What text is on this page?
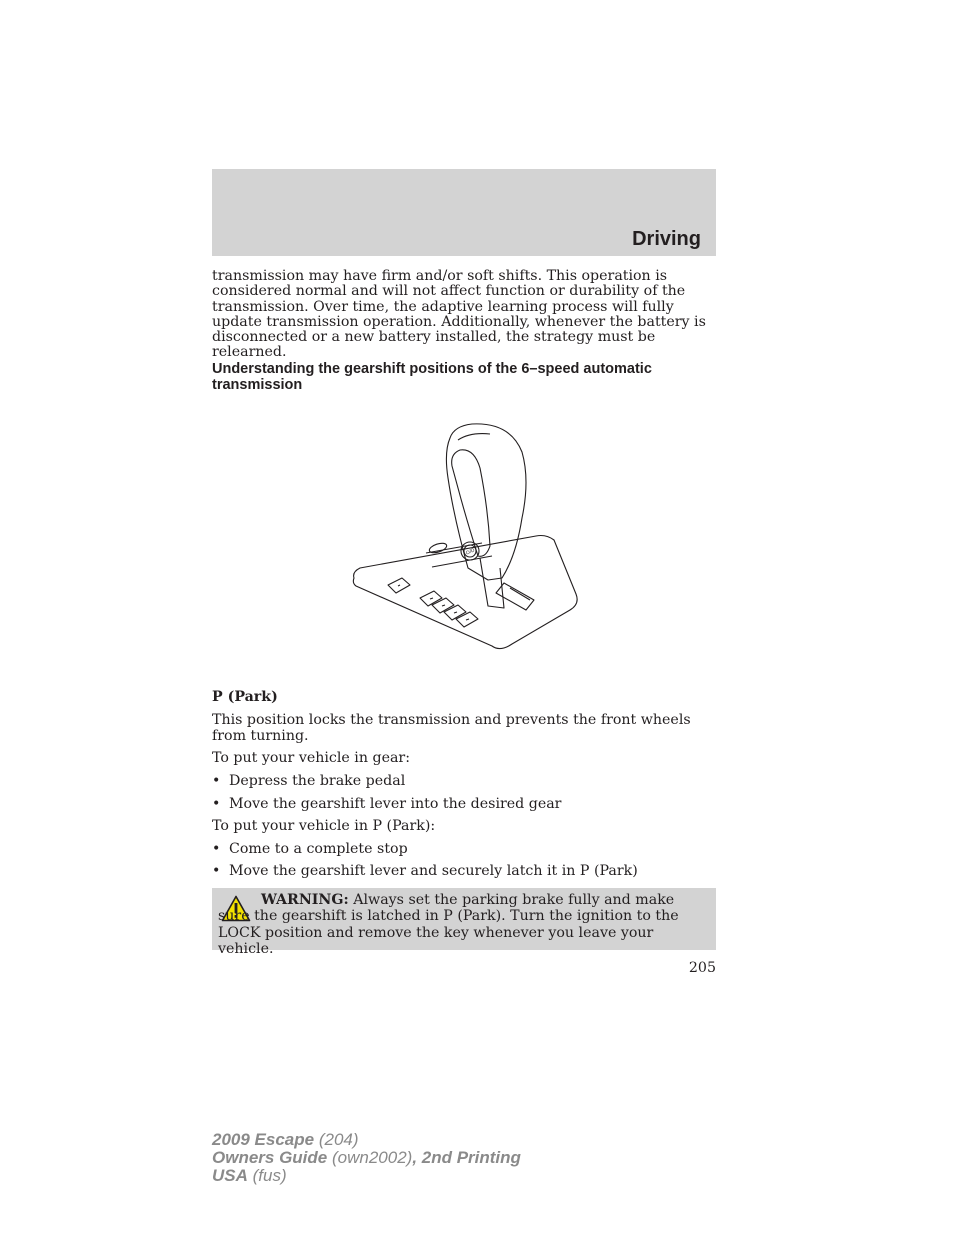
Driving

transmission may have firm and/or soft shifts. This operation is considered normal and will not affect function or durability of the transmission. Over time, the adaptive learning process will fully update transmission operation. Additionally, whenever the battery is disconnected or a new battery installed, the strategy must be relearned.

Understanding the gearshift positions of the 6–speed automatic transmission
O/D
P (Park)

This position locks the transmission and prevents the front wheels from turning.

To put your vehicle in gear:

• Depress the brake pedal
• Move the gearshift lever into the desired gear

To put your vehicle in P (Park):

• Come to a complete stop
• Move the gearshift lever and securely latch it in P (Park)

WARNING: Always set the parking brake fully and make sure the gearshift is latched in P (Park). Turn the ignition to the LOCK position and remove the key whenever you leave your vehicle.

205
2009 Escape (204)
Owners Guide (own2002), 2nd Printing
USA (fus)
